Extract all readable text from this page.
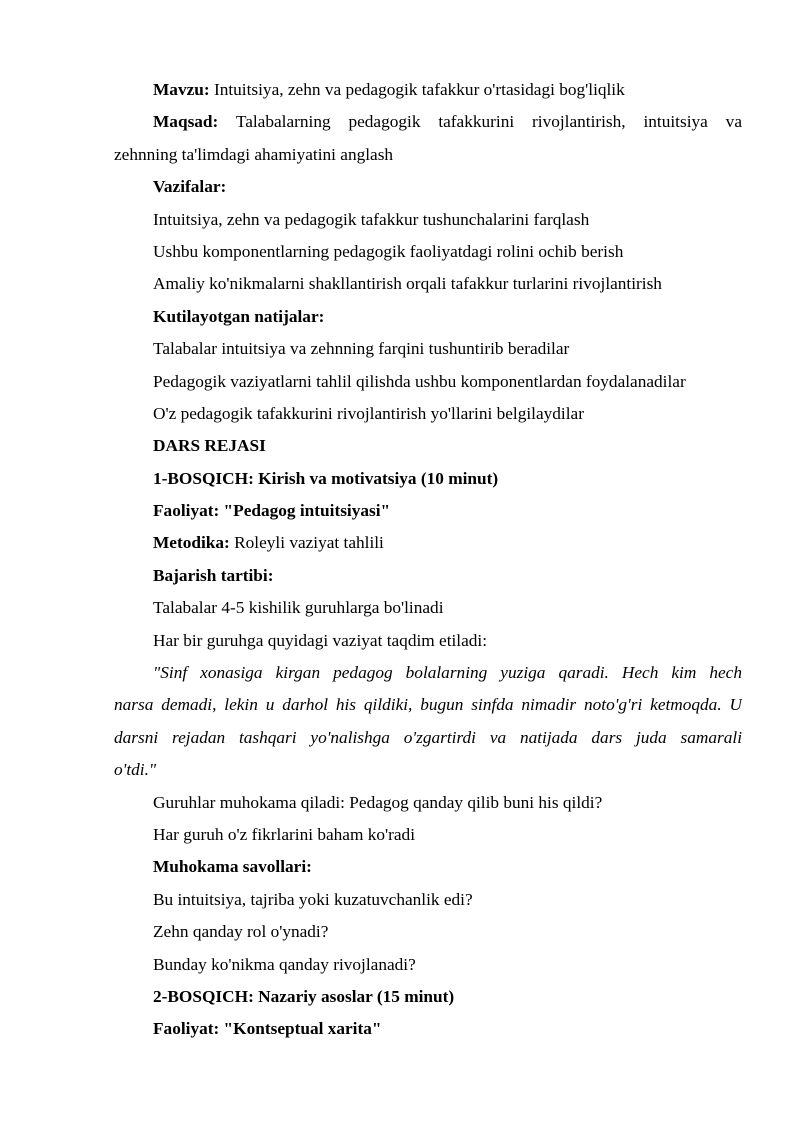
Mavzu: Intuitsiya, zehn va pedagogik tafakkur o'rtasidagi bog'liqlik
Maqsad: Talabalarning pedagogik tafakkurini rivojlantirish, intuitsiya va
zehnning ta'limdagi ahamiyatini anglash
Vazifalar:
Intuitsiya, zehn va pedagogik tafakkur tushunchalarini farqlash
Ushbu komponentlarning pedagogik faoliyatdagi rolini ochib berish
Amaliy ko'nikmalarni shakllantirish orqali tafakkur turlarini rivojlantirish
Kutilayotgan natijalar:
Talabalar intuitsiya va zehnning farqini tushuntirib beradilar
Pedagogik vaziyatlarni tahlil qilishda ushbu komponentlardan foydalanadilar
O'z pedagogik tafakkurini rivojlantirish yo'llarini belgilaydilar
DARS REJASI
1-BOSQICH: Kirish va motivatsiya (10 minut)
Faoliyat: "Pedagog intuitsiyasi"
Metodika: Roleyli vaziyat tahlili
Bajarish tartibi:
Talabalar 4-5 kishilik guruhlarga bo'linadi
Har bir guruhga quyidagi vaziyat taqdim etiladi:
"Sinf xonasiga kirgan pedagog bolalarning yuziga qaradi. Hech kim hech
narsa demadi, lekin u darhol his qildiki, bugun sinfda nimadir noto'g'ri ketmoqda. U
darsni rejadan tashqari yo'nalishga o'zgartirdi va natijada dars juda samarali
o'tdi."
Guruhlar muhokama qiladi: Pedagog qanday qilib buni his qildi?
Har guruh o'z fikrlarini baham ko'radi
Muhokama savollari:
Bu intuitsiya, tajriba yoki kuzatuvchanlik edi?
Zehn qanday rol o'ynadi?
Bunday ko'nikma qanday rivojlanadi?
2-BOSQICH: Nazariy asoslar (15 minut)
Faoliyat: "Kontseptual xarita"
